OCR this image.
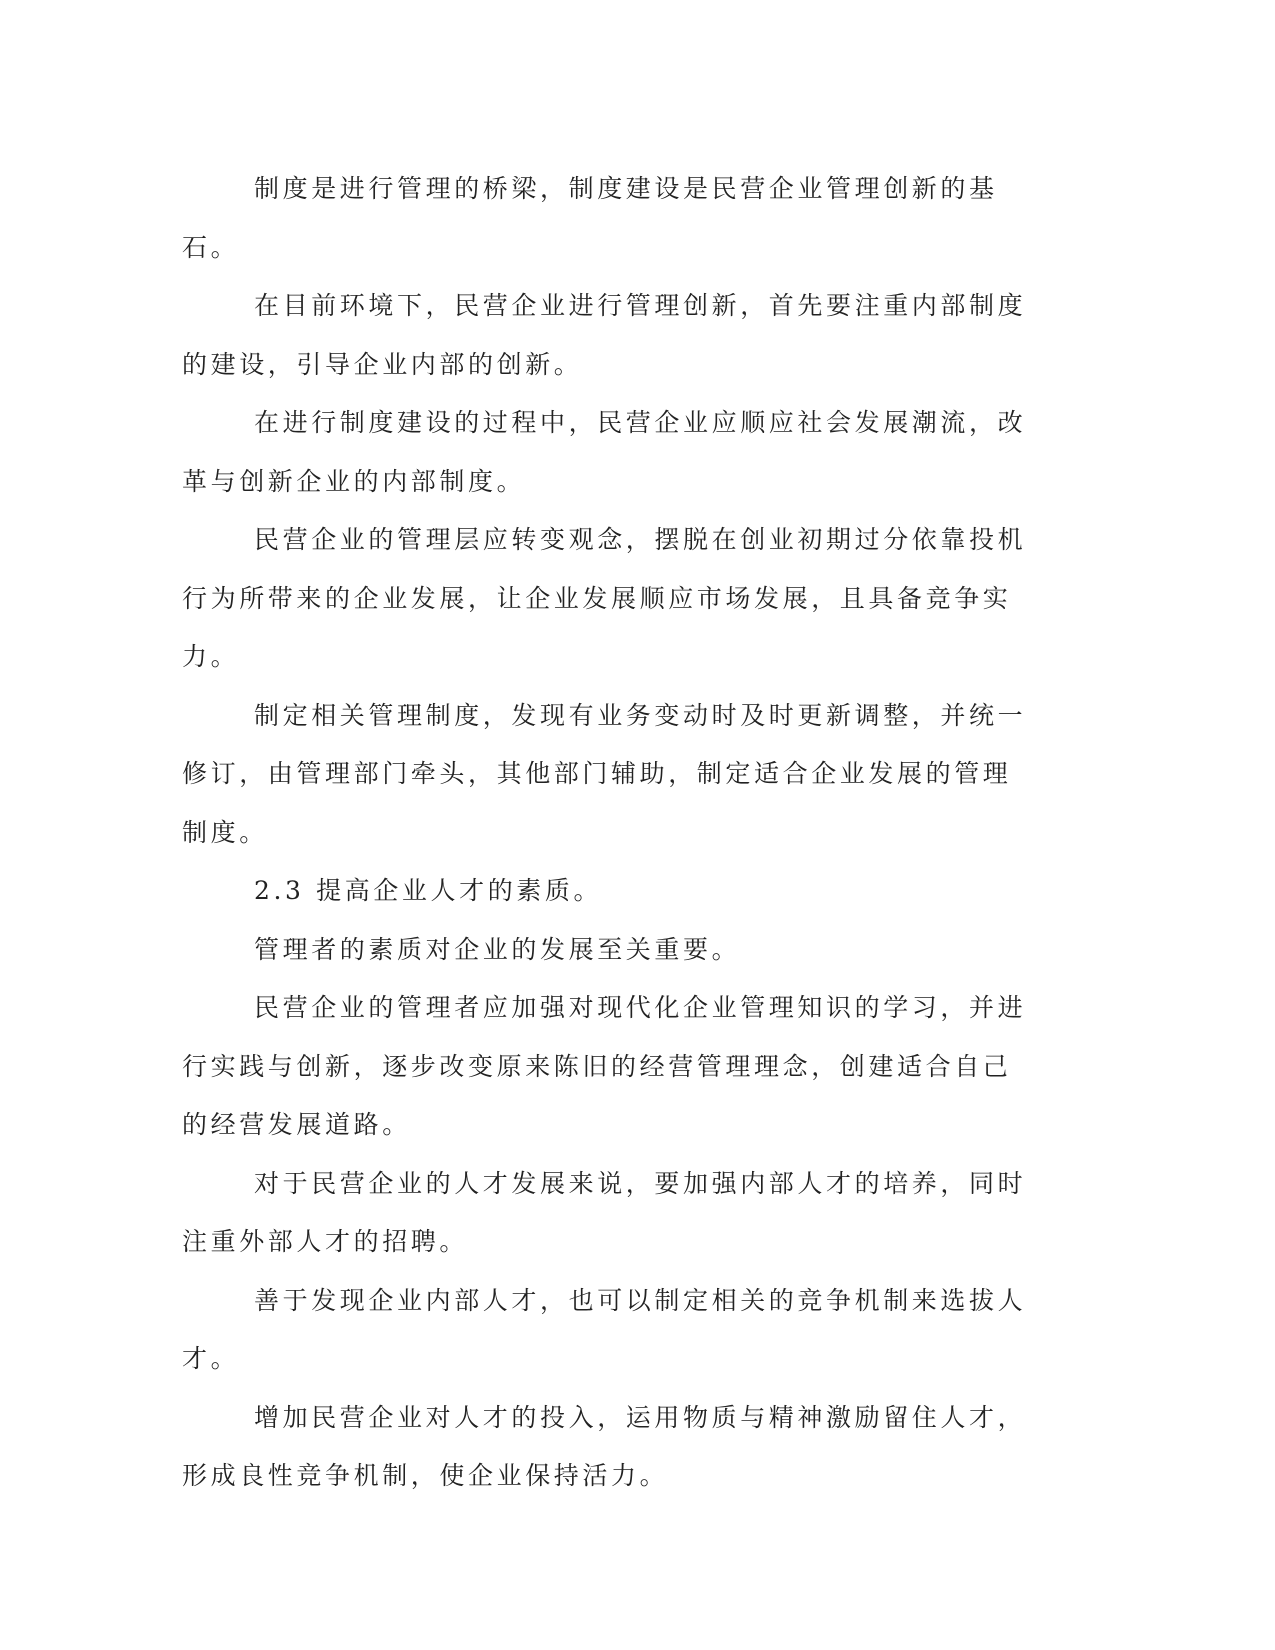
制度是进行管理的桥梁，制度建设是民营企业管理创新的基石。

在目前环境下，民营企业进行管理创新，首先要注重内部制度的建设，引导企业内部的创新。

在进行制度建设的过程中，民营企业应顺应社会发展潮流，改革与创新企业的内部制度。

民营企业的管理层应转变观念，摆脱在创业初期过分依靠投机行为所带来的企业发展，让企业发展顺应市场发展，且具备竞争实力。

制定相关管理制度，发现有业务变动时及时更新调整，并统一修订，由管理部门牵头，其他部门辅助，制定适合企业发展的管理制度。

2.3 提高企业人才的素质。

管理者的素质对企业的发展至关重要。

民营企业的管理者应加强对现代化企业管理知识的学习，并进行实践与创新，逐步改变原来陈旧的经营管理理念，创建适合自己的经营发展道路。

对于民营企业的人才发展来说，要加强内部人才的培养，同时注重外部人才的招聘。

善于发现企业内部人才，也可以制定相关的竞争机制来选拔人才。

增加民营企业对人才的投入，运用物质与精神激励留住人才，形成良性竞争机制，使企业保持活力。
